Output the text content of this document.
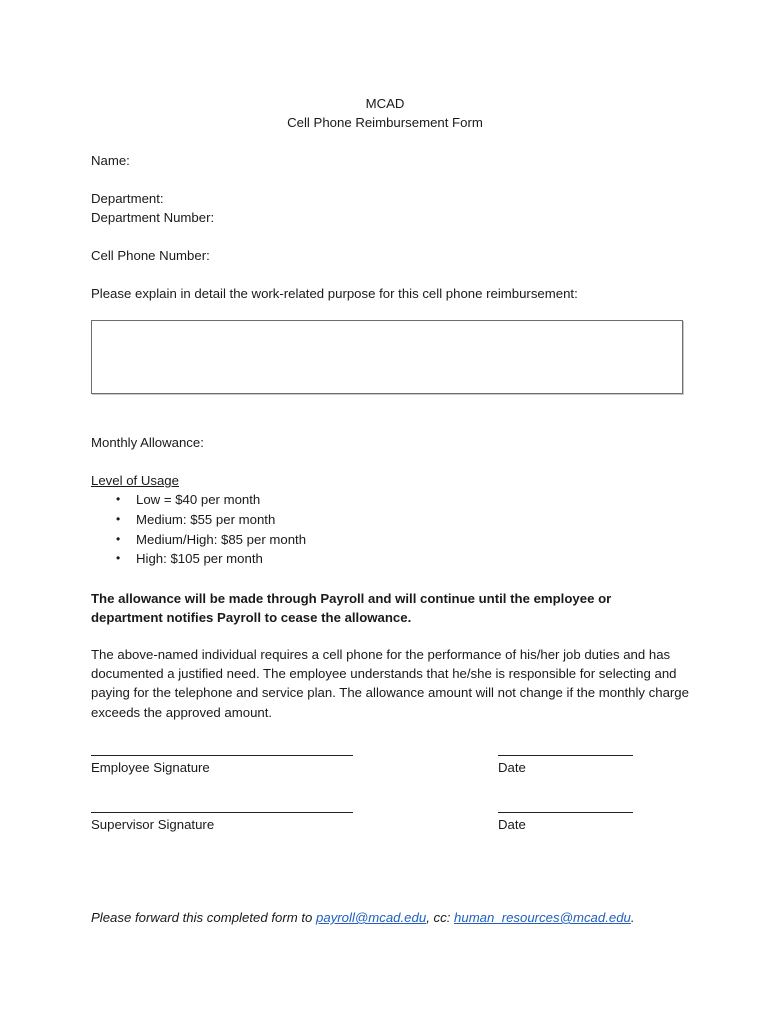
MCAD
Cell Phone Reimbursement Form
Name:
Department:
Department Number:
Cell Phone Number:
Please explain in detail the work-related purpose for this cell phone reimbursement:
Monthly Allowance:
Level of Usage
• Low = $40 per month
• Medium: $55 per month
• Medium/High: $85 per month
• High: $105 per month
The allowance will be made through Payroll and will continue until the employee or department notifies Payroll to cease the allowance.
The above-named individual requires a cell phone for the performance of his/her job duties and has documented a justified need. The employee understands that he/she is responsible for selecting and paying for the telephone and service plan. The allowance amount will not change if the monthly charge exceeds the approved amount.
Employee Signature	Date
Supervisor Signature	Date
Please forward this completed form to payroll@mcad.edu, cc: human_resources@mcad.edu.
